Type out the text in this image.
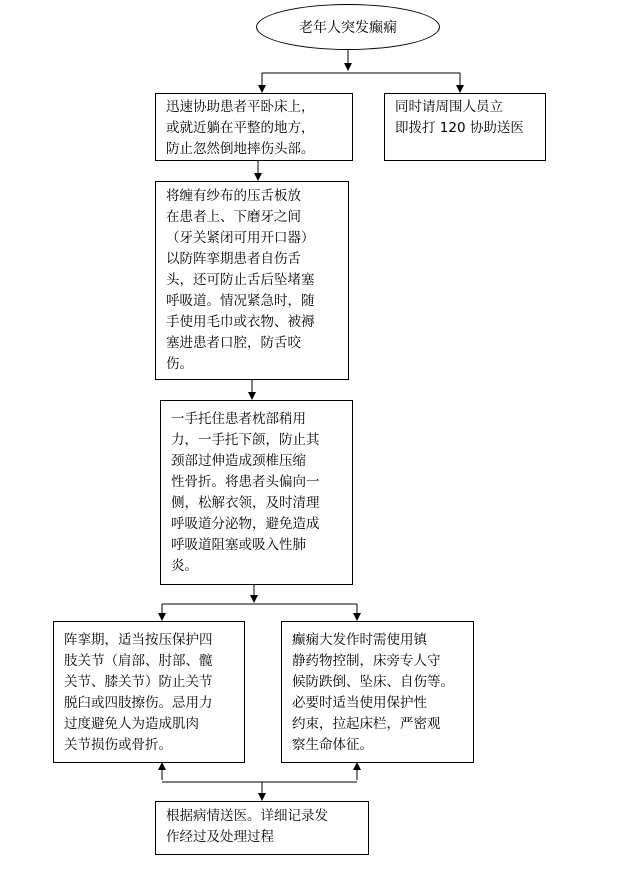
老年人突发癫痫
迅速协助患者平卧床上，
或就近躺在平整的地方，
防止忽然倒地摔伤头部。
同时请周围人员立
即拨打 120 协助送医
将缠有纱布的压舌板放
在患者上、下磨牙之间
（牙关紧闭可用开口器）
以防阵挛期患者自伤舌
头，还可防止舌后坠堵塞
呼吸道。情况紧急时，随
手使用毛巾或衣物、被褥
塞进患者口腔，防舌咬
伤。
一手托住患者枕部稍用
力，一手托下颌，防止其
颈部过伸造成颈椎压缩
性骨折。将患者头偏向一
侧，松解衣领，及时清理
呼吸道分泌物，避免造成
呼吸道阻塞或吸入性肺
炎。
阵挛期，适当按压保护四
肢关节（肩部、肘部、髋
关节、膝关节）防止关节
脱臼或四肢擦伤。忌用力
过度避免人为造成肌肉
关节损伤或骨折。
癫痫大发作时需使用镇
静药物控制，床旁专人守
候防跌倒、坠床、自伤等。
必要时适当使用保护性
约束，拉起床栏，严密观
察生命体征。
根据病情送医。详细记录发
作经过及处理过程
